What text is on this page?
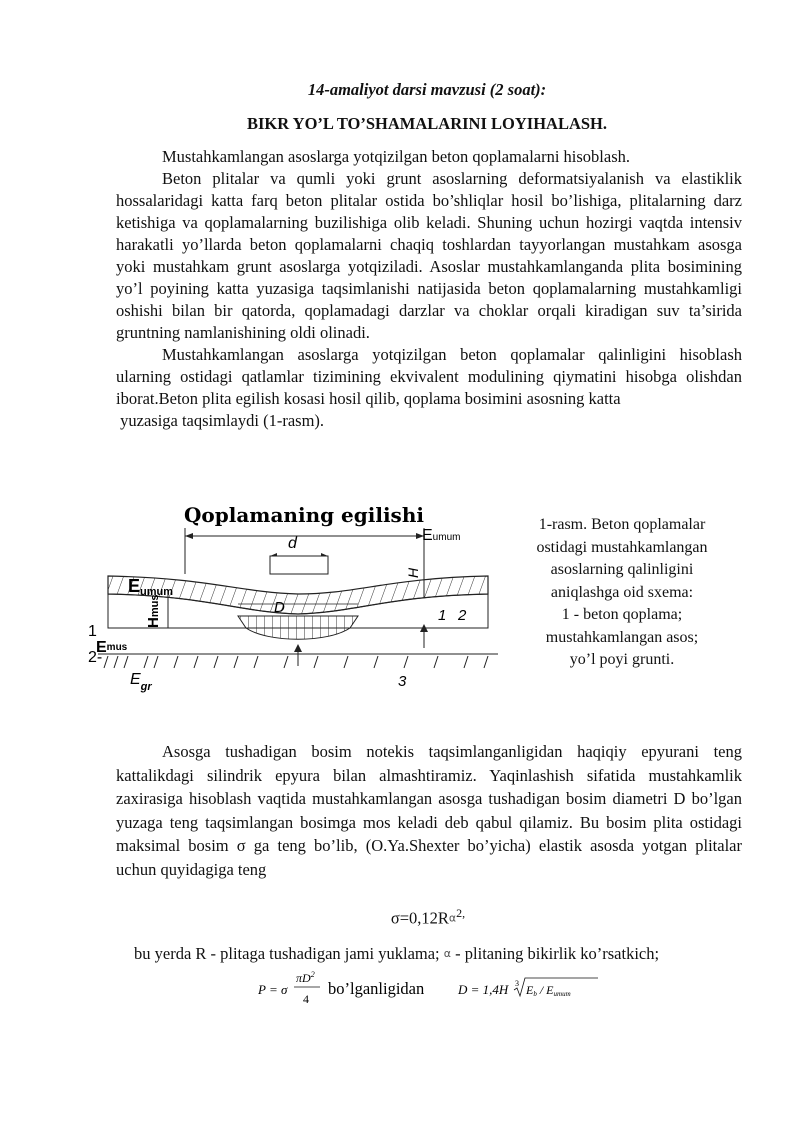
14-amaliyot darsi mavzusi (2 soat):
BIKR YO’L TO’SHAMALARINI LOYIHALASH.

Mustahkamlangan asoslarga yotqizilgan beton qoplamalarni hisoblash.

Beton plitalar va qumli yoki grunt asoslarning deformatsiyalanish va elastiklik hossalaridagi katta farq beton plitalar ostida bo’shliqlar hosil bo’lishiga, plitalarning darz ketishiga va qoplamalarning buzilishiga olib keladi. Shuning uchun hozirgi vaqtda intensiv harakatli yo’llarda beton qoplamalarni chaqiq toshlardan tayyorlangan mustahkam asosga yoki mustahkam grunt asoslarga yotqiziladi. Asoslar mustahkamlanganda plita bosimining yo’l poyining katta yuzasiga taqsimlanishi natijasida beton qoplamalarning mustahkamligi oshishi bilan bir qatorda, qoplamadagi darzlar va choklar orqali kiradigan suv ta’sirida gruntning namlanishining oldi olinadi.

Mustahkamlangan asoslarga yotqizilgan beton qoplamalar qalinligini hisoblash ularning ostidagi qatlamlar tizimining ekvivalent modulining qiymatini hisobga olishdan iborat.Beton plita egilish kosasi hosil qilib, qoplama bosimini asosning katta

yuzasiga taqsimlaydi (1-rasm).

Qoplamaning egilishi
d
D
Eumum
Hmus
1
2-
Emus
$E_{gr}$
Eumum
H
1 2
3
1-rasm. Beton qoplamalar
ostidagi mustahkamlangan
asoslarning qalinligini
aniqlashga oid sxema:
1 - beton qoplama;
mustahkamlangan asos;
yo’l poyi grunti.

Asosga tushadigan bosim notekis taqsimlanganligidan haqiqiy epyurani teng kattalikdagi silindrik epyura bilan almashtiramiz. Yaqinlashish sifatida mustahkamlik zaxirasiga hisoblash vaqtida mustahkamlangan asosga tushadigan bosim diametri D bo’lgan yuzaga teng taqsimlangan bosimga mos keladi deb qabul qilamiz. Bu bosim plita ostidagi maksimal bosim σ ga teng bo’lib, (O.Ya.Shexter bo’yicha) elastik asosda yotgan plitalar uchun quyidagiga teng

$\sigma=0,12R\alpha^{2,}$
bu yerda R - plitaga tushadigan jami yuklama; α - plitaning bikirlik ko’rsatkich;
P = σ
$\pi D^2$
4
bo’lganligidan	D = 1,4H 3 Eb / Eumum
